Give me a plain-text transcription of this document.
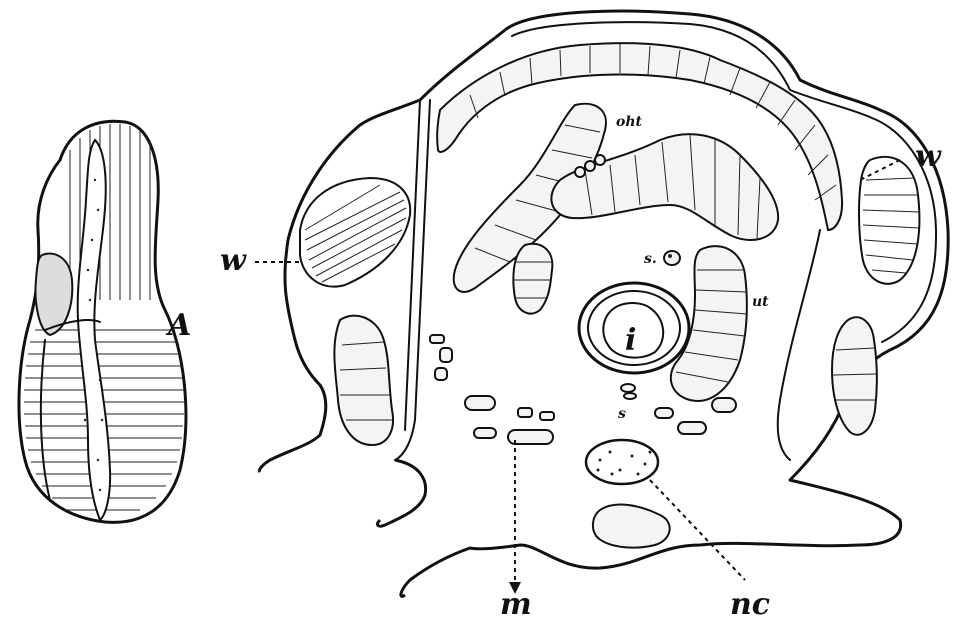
A
oht
ut
s.
i
s
w
w
m	nc
